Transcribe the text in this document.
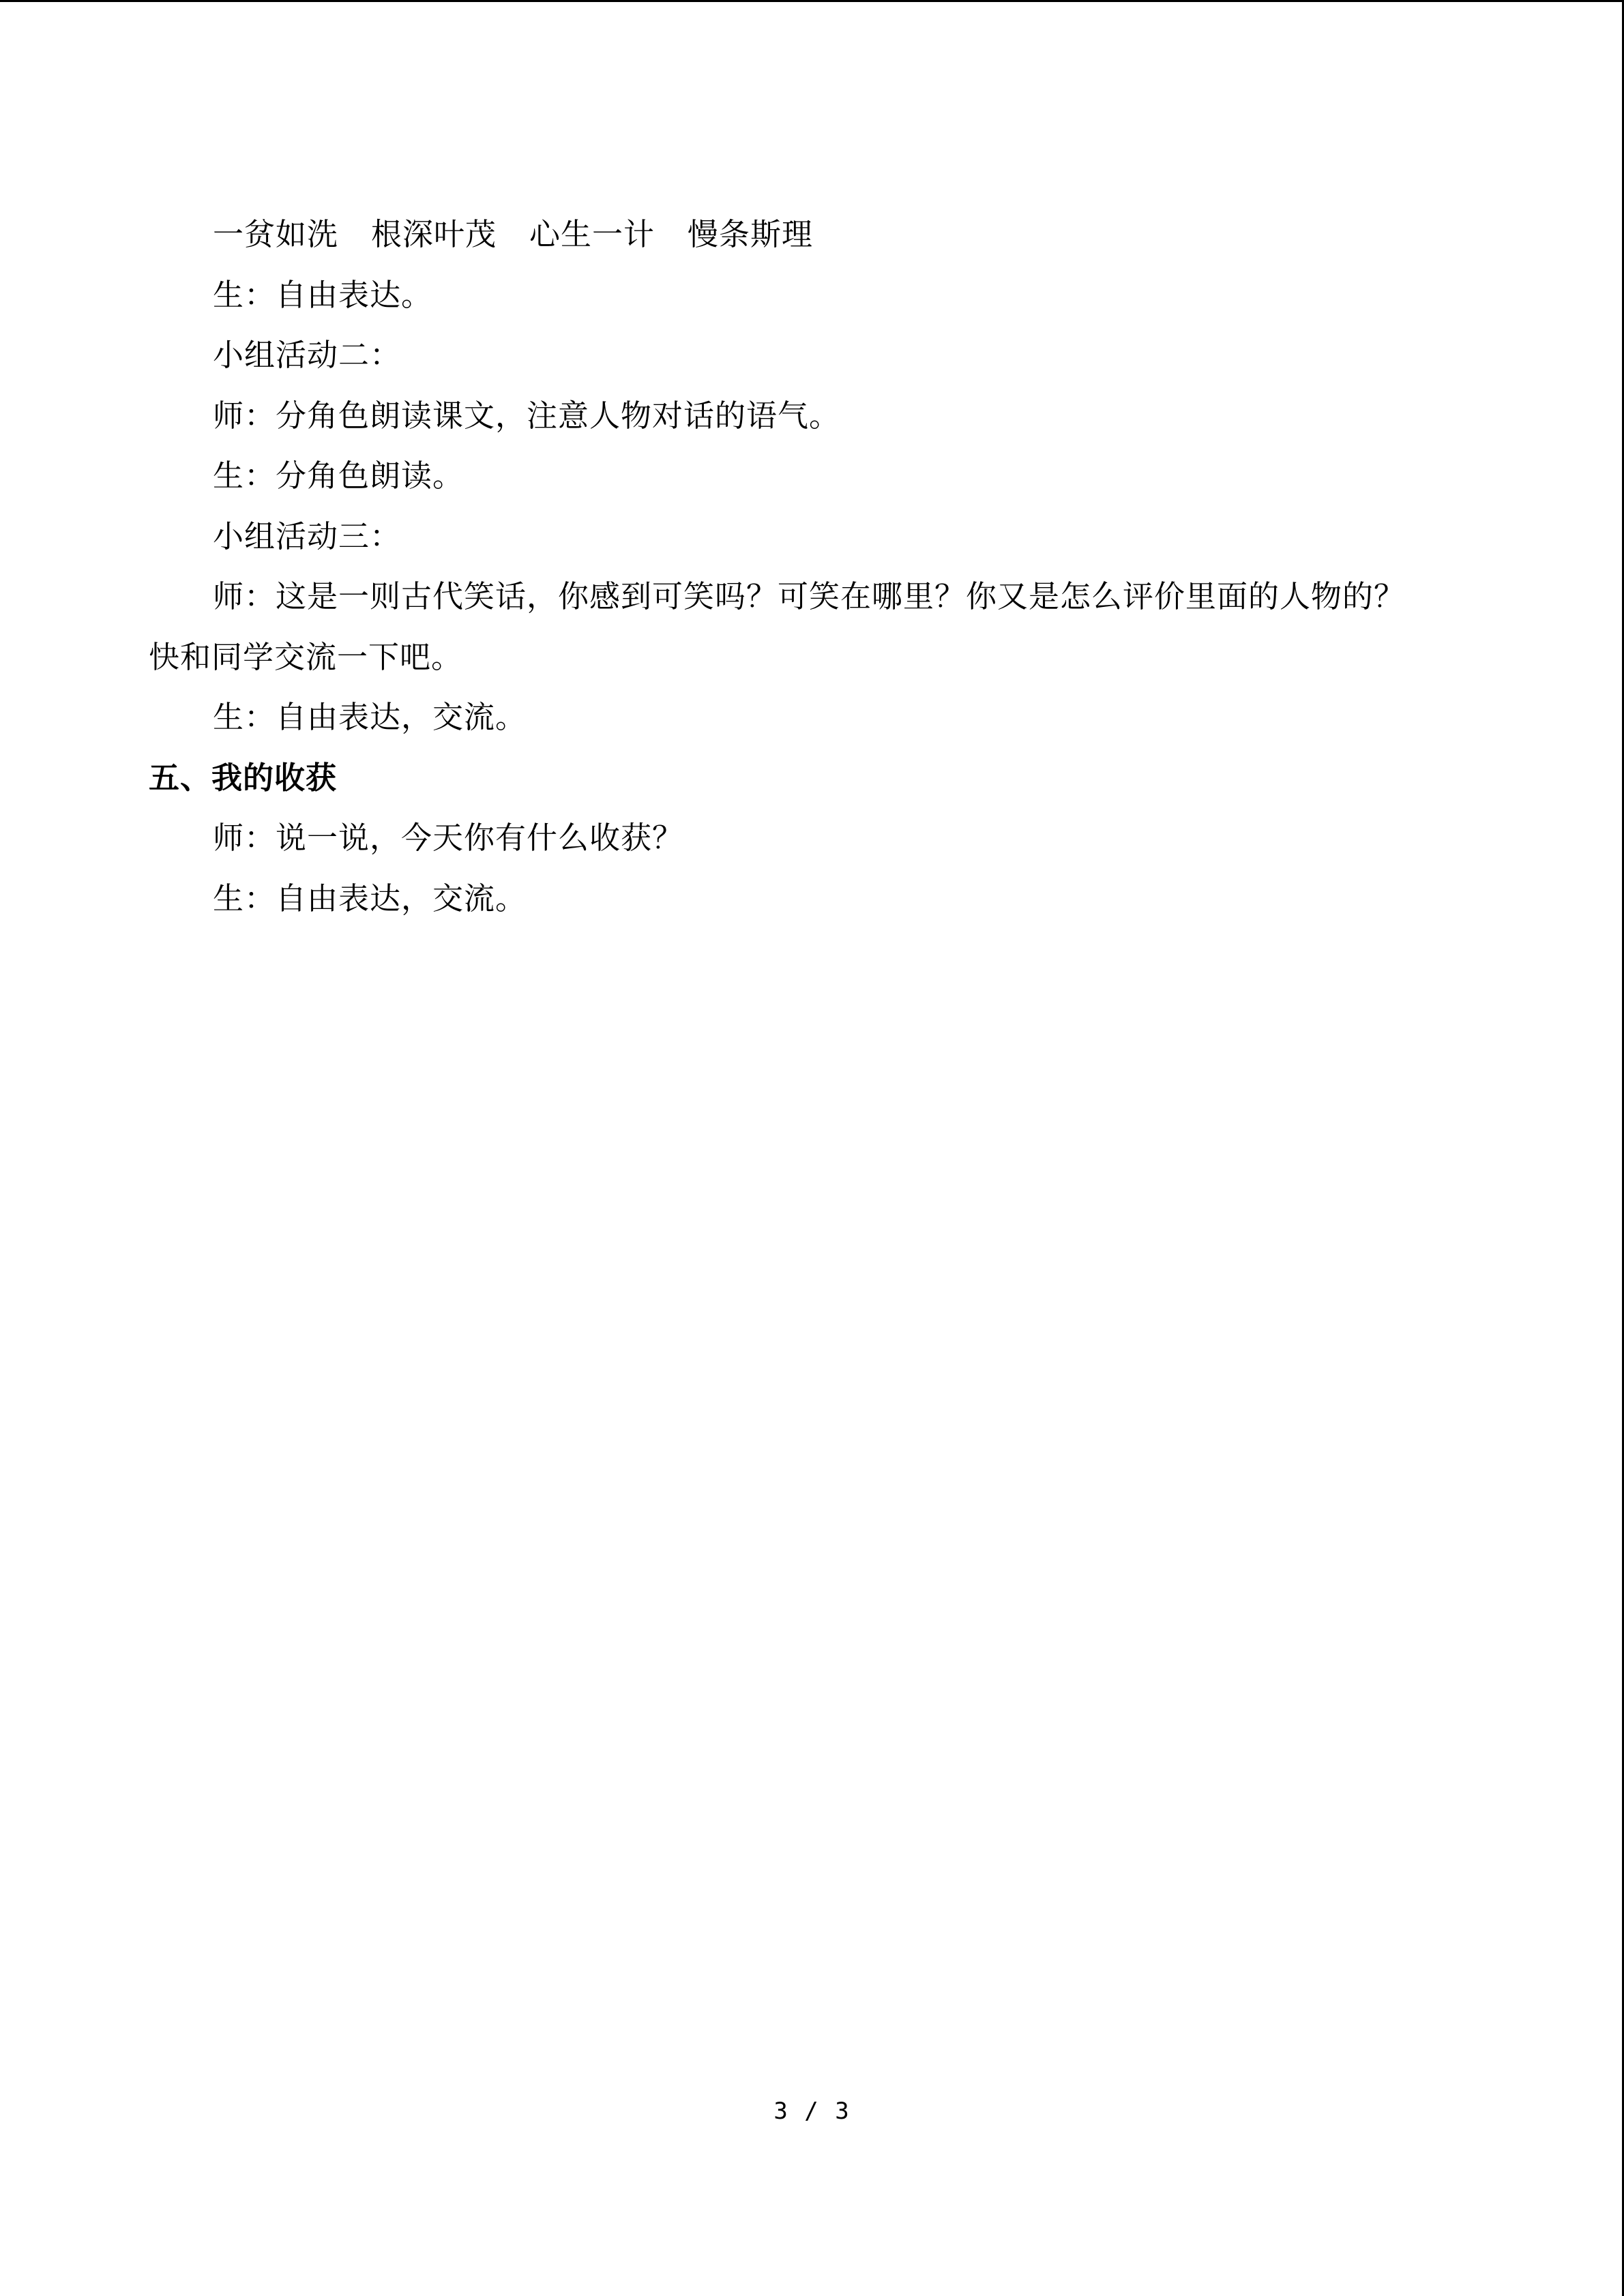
一贫如洗 根深叶茂 心生一计 慢条斯理
生：自由表达。
小组活动二：
师：分角色朗读课文，注意人物对话的语气。
生：分角色朗读。
小组活动三：
师：这是一则古代笑话，你感到可笑吗？可笑在哪里？你又是怎么评价里面的人物的？
快和同学交流一下吧。
生：自由表达，交流。
五、我的收获
师：说一说，今天你有什么收获？
生：自由表达，交流。
3 / 3
